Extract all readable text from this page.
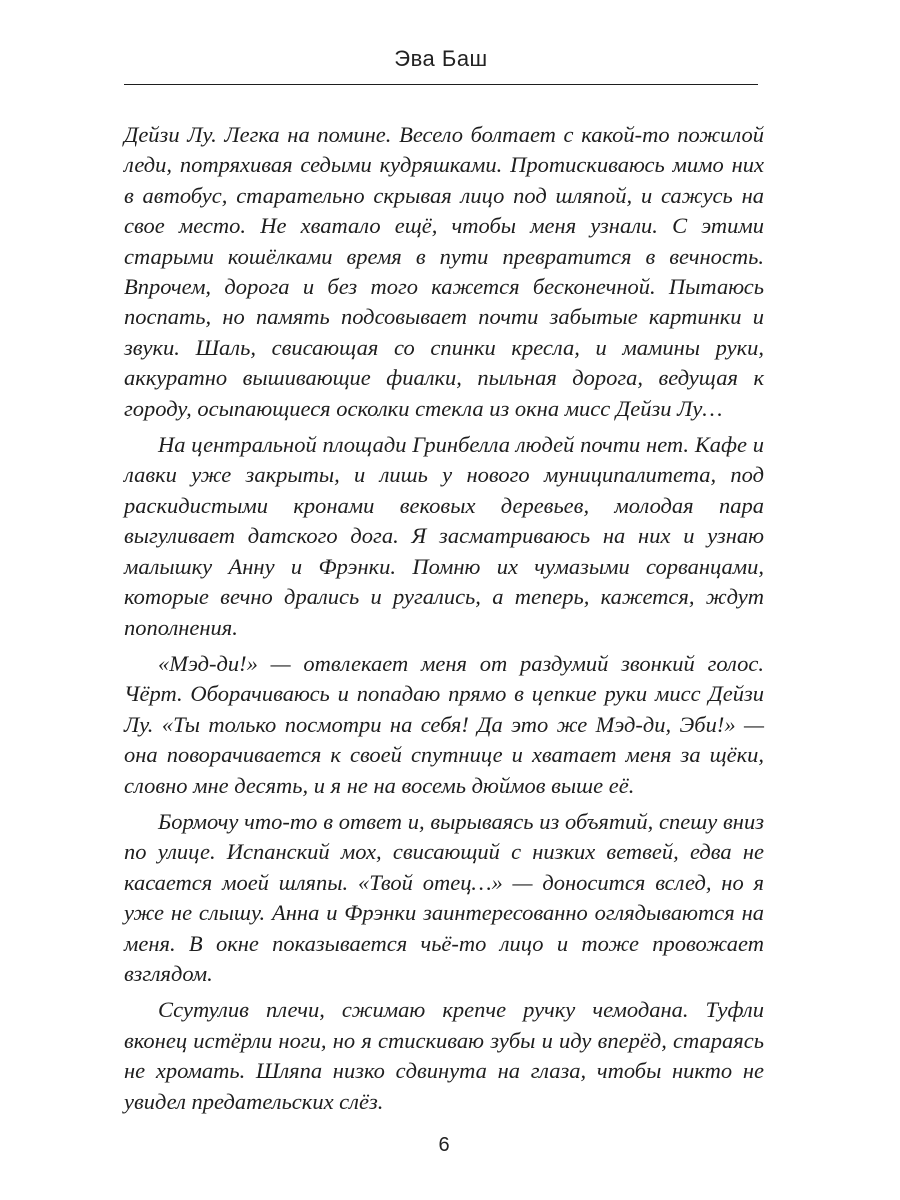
Эва Баш

Дейзи Лу. Легка на помине. Весело болтает с какой-то пожилой леди, потряхивая седыми кудряшками. Протискиваюсь мимо них в автобус, старательно скрывая лицо под шляпой, и сажусь на свое место. Не хватало ещё, чтобы меня узнали. С этими старыми кошёлками время в пути превратится в вечность. Впрочем, дорога и без того кажется бесконечной. Пытаюсь поспать, но память подсовывает почти забытые картинки и звуки. Шаль, свисающая со спинки кресла, и мамины руки, аккуратно вышивающие фиалки, пыльная дорога, ведущая к городу, осыпающиеся осколки стекла из окна мисс Дейзи Лу…

На центральной площади Гринбелла людей почти нет. Кафе и лавки уже закрыты, и лишь у нового муниципалитета, под раскидистыми кронами вековых деревьев, молодая пара выгуливает датского дога. Я засматриваюсь на них и узнаю малышку Анну и Фрэнки. Помню их чумазыми сорванцами, которые вечно дрались и ругались, а теперь, кажется, ждут пополнения.

«Мэд-ди!» — отвлекает меня от раздумий звонкий голос. Чёрт. Оборачиваюсь и попадаю прямо в цепкие руки мисс Дейзи Лу. «Ты только посмотри на себя! Да это же Мэд-ди, Эби!» — она поворачивается к своей спутнице и хватает меня за щёки, словно мне десять, и я не на восемь дюймов выше её.

Бормочу что-то в ответ и, вырываясь из объятий, спешу вниз по улице. Испанский мох, свисающий с низких ветвей, едва не касается моей шляпы. «Твой отец…» — доносится вслед, но я уже не слышу. Анна и Фрэнки заинтересованно оглядываются на меня. В окне показывается чьё-то лицо и тоже провожает взглядом.

Ссутулив плечи, сжимаю крепче ручку чемодана. Туфли вконец истёрли ноги, но я стискиваю зубы и иду вперёд, стараясь не хромать. Шляпа низко сдвинута на глаза, чтобы никто не увидел предательских слёз.

6
